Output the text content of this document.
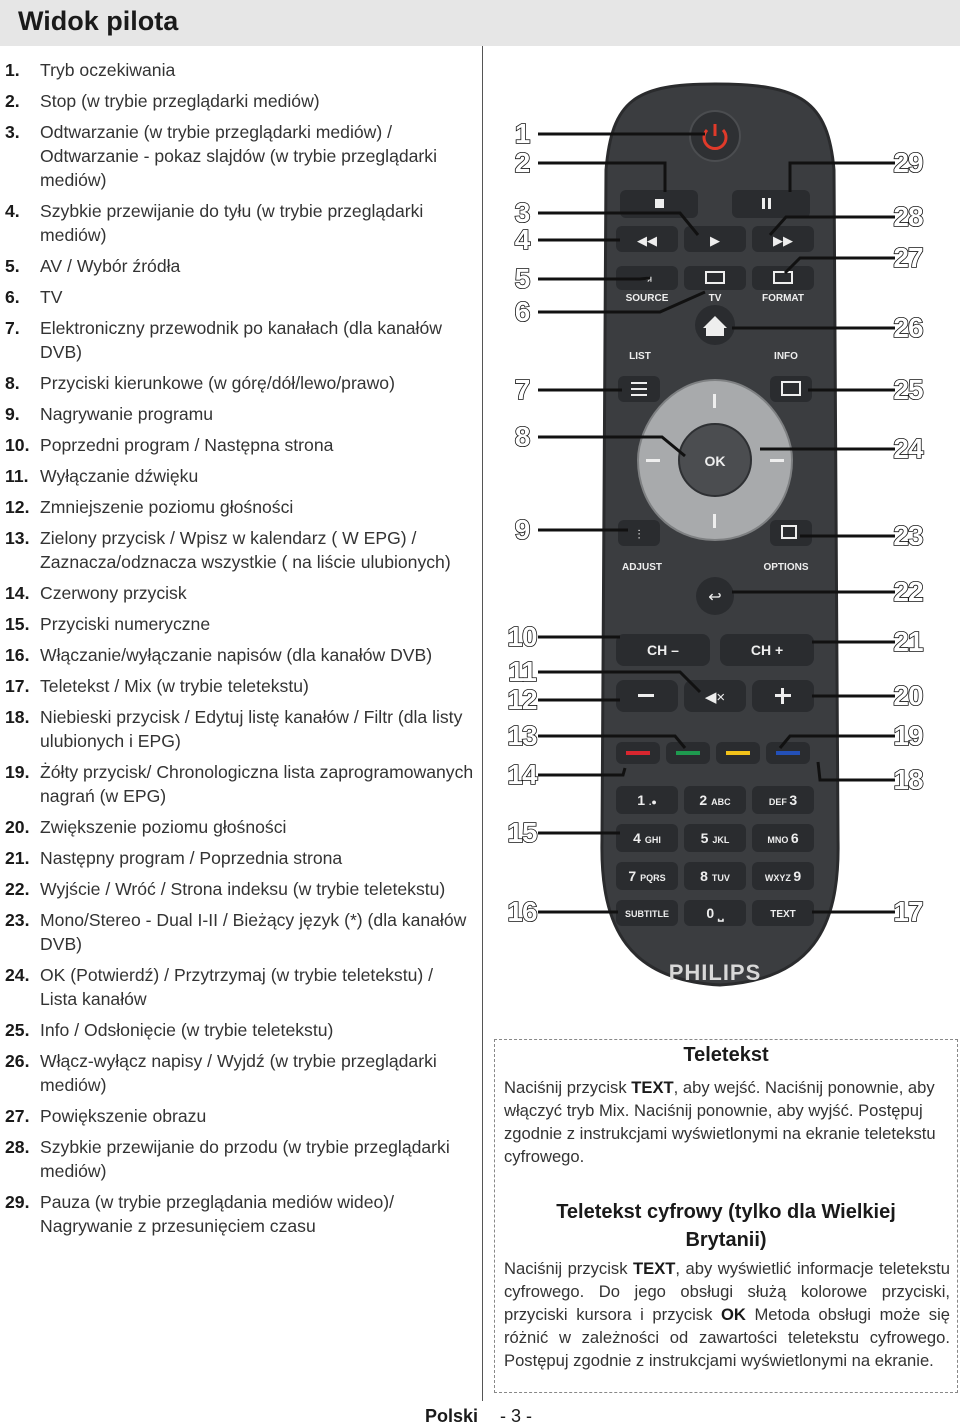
Widok pilota
1.	Tryb oczekiwania
2.	Stop (w trybie przeglądarki mediów)
3.	Odtwarzanie (w trybie przeglądarki mediów) / Odtwarzanie - pokaz slajdów (w trybie przeglądarki mediów)
4.	Szybkie przewijanie do tyłu (w trybie przeglądarki mediów)
5.	AV / Wybór źródła
6.	TV
7.	Elektroniczny przewodnik po kanałach (dla kanałów DVB)
8.	Przyciski kierunkowe (w górę/dół/lewo/prawo)
9.	Nagrywanie programu
10. Poprzedni program / Następna strona
11. Wyłączanie dźwięku
12. Zmniejszenie poziomu głośności
13. Zielony przycisk / Wpisz w kalendarz ( W EPG) / Zaznacza/odznacza wszystkie ( na liście ulubionych)
14. Czerwony przycisk
15. Przyciski numeryczne
16. Włączanie/wyłączanie napisów (dla kanałów DVB)
17. Teletekst / Mix (w trybie teletekstu)
18. Niebieski przycisk / Edytuj listę kanałów / Filtr (dla listy ulubionych i EPG)
19. Żółty przycisk/ Chronologiczna lista zaprogramowanych nagrań (w EPG)
20. Zwiększenie poziomu głośności
21. Następny program / Poprzednia strona
22. Wyjście / Wróć / Strona indeksu (w trybie teletekstu)
23. Mono/Stereo - Dual I-II / Bieżący język (*) (dla kanałów DVB)
24. OK (Potwierdź) / Przytrzymaj (w trybie teletekstu) / Lista kanałów
25. Info / Odsłonięcie (w trybie teletekstu)
26. Włącz-wyłącz napisy / Wyjdź (w trybie przeglądarki mediów)
27. Powiększenie obrazu
28. Szybkie przewijanie do przodu (w trybie przeglądarki mediów)
29. Pauza (w trybie przeglądania mediów wideo)/ Nagrywanie z przesunięciem czasu
◀◀	▶	▶▶
⇥
SOURCE	TV	FORMAT
LIST	INFO
OK
⫶
ADJUST	OPTIONS
↩
CH –	CH +
◀×
1 .●	2 ABC	DEF 3
4 GHI	5 JKL	MNO 6
7 PQRS 8 TUV	WXYZ 9
SUBTITLE	0 ⎵	TEXT
PHILIPS
1
2
3
4
5
6
7
8
9
10
11
12
13
14
15
16
29
28
27
26
25
24
23
22
21
20
19
18
17
Teletekst
Naciśnij przycisk TEXT, aby wejść. Naciśnij ponownie, aby włączyć tryb Mix. Naciśnij ponownie, aby wyjść. Postępuj zgodnie z instrukcjami wyświetlonymi na ekranie teletekstu cyfrowego.
Teletekst cyfrowy (tylko dla Wielkiej Brytanii)
Naciśnij przycisk TEXT, aby wyświetlić informacje teletekstu cyfrowego. Do jego obsługi służą kolorowe przyciski, przyciski kursora i przycisk OK Metoda obsługi może się różnić w zależności od zawartości teletekstu cyfrowego. Postępuj zgodnie z instrukcjami wyświetlonymi na ekranie.
Polski - 3 -
